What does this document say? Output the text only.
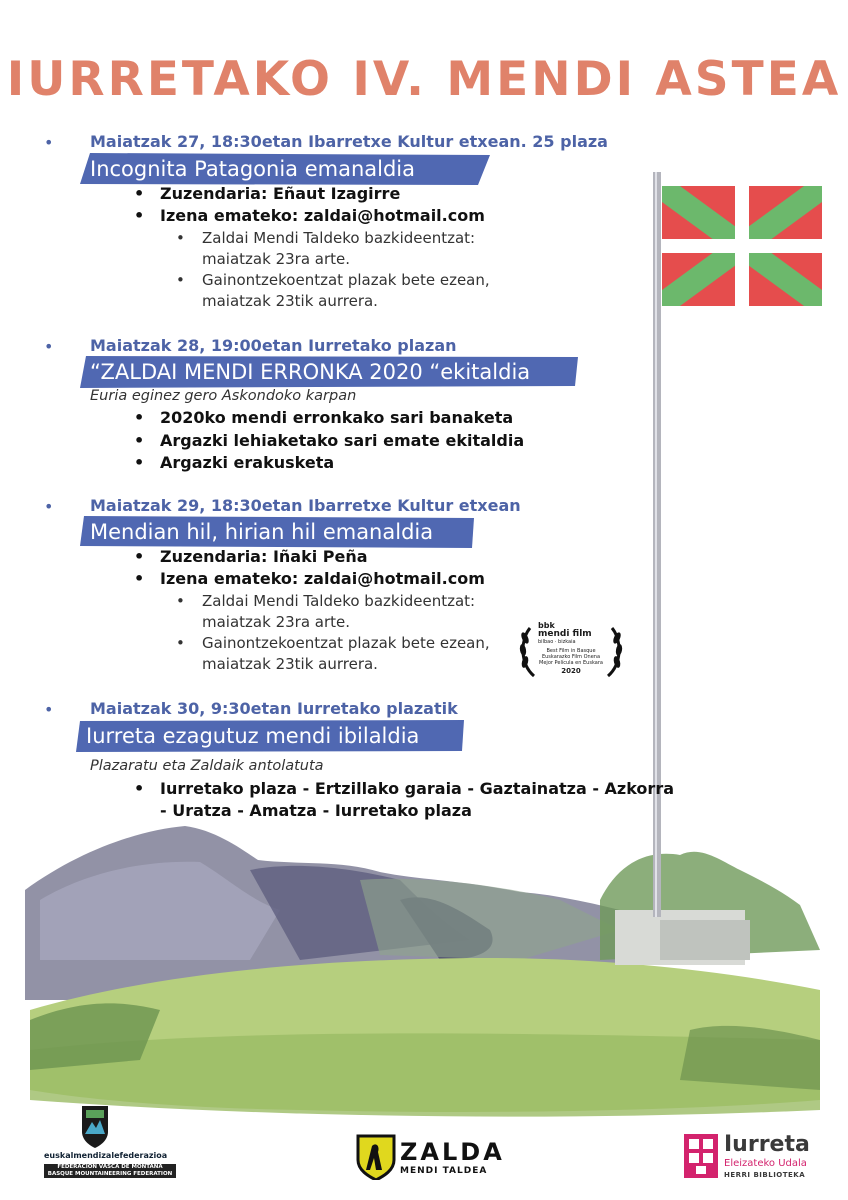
IURRETAKO IV. MENDI ASTEA
• Maiatzak 27, 18:30etan Ibarretxe Kultur etxean. 25 plaza
Incognita Patagonia emanaldia
• Zuzendaria: Eñaut Izagirre
• Izena emateko: zaldai@hotmail.com
• Zaldai Mendi Taldeko bazkideentzat:
maiatzak 23ra arte.
• Gainontzekoentzat plazak bete ezean,
maiatzak 23tik aurrera.
• Maiatzak 28, 19:00etan Iurretako plazan
“ZALDAI MENDI ERRONKA 2020 “ekitaldia
Euria eginez gero Askondoko karpan
• 2020ko mendi erronkako sari banaketa
• Argazki lehiaketako sari emate ekitaldia
• Argazki erakusketa
• Maiatzak 29, 18:30etan Ibarretxe Kultur etxean
Mendian hil, hirian hil emanaldia
• Zuzendaria: Iñaki Peña
• Izena emateko: zaldai@hotmail.com
• Zaldai Mendi Taldeko bazkideentzat:
maiatzak 23ra arte.
• Gainontzekoentzat plazak bete ezean,
maiatzak 23tik aurrera.
bbk
mendi film
bilbao · bizkaia
Best Film in Basque
Euskarazko Film Onena
Mejor Película en Euskara
2020
• Maiatzak 30, 9:30etan Iurretako plazatik
Iurreta ezagutuz mendi ibilaldia
Plazaratu eta Zaldaik antolatuta
• Iurretako plaza - Ertzillako garaia - Gaztainatza - Azkorra
- Uratza - Amatza - Iurretako plaza
euskalmendizalefederazioa
FEDERACIÓN VASCA DE MONTAÑA
BASQUE MOUNTAINEERING FEDERATION
ZALDA
MENDI TALDEA
Iurreta
Eleizateko Udala
HERRI BIBLIOTEKA
